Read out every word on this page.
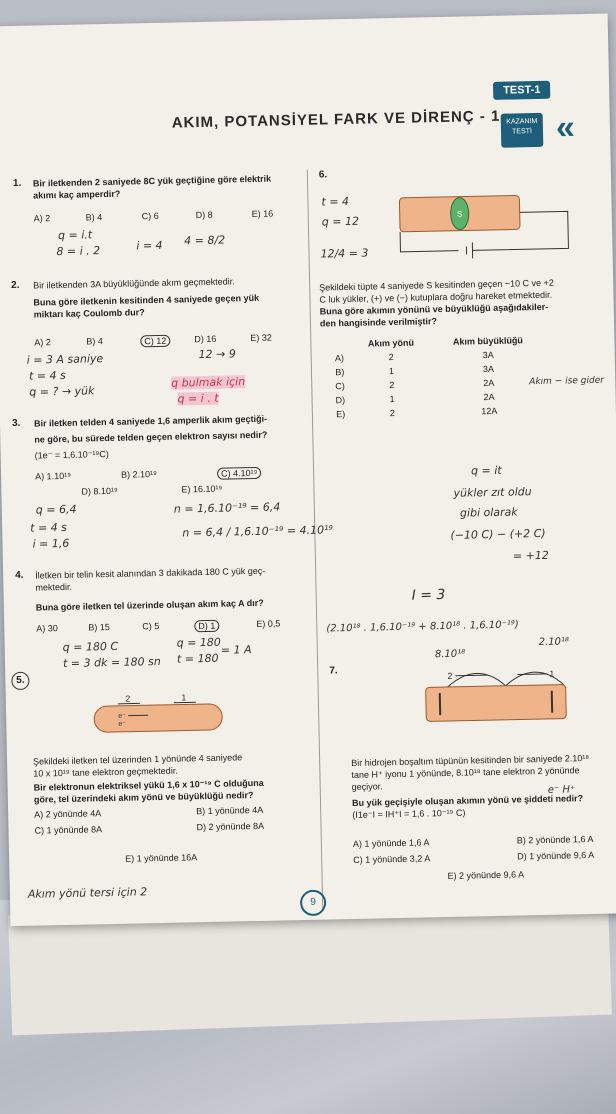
AKIM, POTANSİYEL FARK VE DİRENÇ - 1
TEST-1
KAZANIM TESTİ «
1. Bir iletkenden 2 saniyede 8C yük geçtiğine göre elektrik
akımı kaç amperdir?
A) 2	B) 4	C) 6	D) 8	E) 16
q = i.t
8 = i . 2	i = 4 4 = 8/2
2. Bir iletkenden 3A büyüklüğünde akım geçmektedir.
Buna göre iletkenin kesitinden 4 saniyede geçen yük
miktarı kaç Coulomb dur?
A) 2	B) 4	C) 12	D) 16	E) 32
i = 3 A saniye
t = 4 s
q = ? → yük
12 → 9
q bulmak için
q = i . t
3. Bir iletken telden 4 saniyede 1,6 amperlik akım geçtiği-
ne göre, bu sürede telden geçen elektron sayısı nedir?
(1e⁻ = 1,6.10⁻¹⁹C)
A) 1.10¹⁹	B) 2.10¹⁹	C) 4.10¹⁹
D) 8.10¹⁹	E) 16.10¹⁹
q = 6,4
t = 4 s
i = 1,6
n = 1,6.10⁻¹⁹ = 6,4
n = 6,4 / 1,6.10⁻¹⁹ = 4.10¹⁹
4. İletken bir telin kesit alanından 3 dakikada 180 C yük geç-
mektedir.
Buna göre iletken tel üzerinde oluşan akım kaç A dır?
A) 30	B) 15	C) 5	D) 1	E) 0,5
q = 180 C
t = 3 dk = 180 sn
q = 180
t = 180
= 1 A
5.
2	1
e⁻
e⁻
Şekildeki iletken tel üzerinden 1 yönünde 4 saniyede
10 x 10¹⁹ tane elektron geçmektedir.
Bir elektronun elektriksel yükü 1,6 x 10⁻¹⁹ C olduğuna
göre, tel üzerindeki akım yönü ve büyüklüğü nedir?
A) 2 yönünde 4A	B) 1 yönünde 4A
C) 1 yönünde 8A	D) 2 yönünde 8A
E) 1 yönünde 16A
Akım yönü tersi için 2
6.
S
t = 4
q = 12
12/4 = 3
Şekildeki tüpte 4 saniyede S kesitinden geçen −10 C ve +2
C luk yükler, (+) ve (−) kutuplara doğru hareket etmektedir.
Buna göre akımın yönünü ve büyüklüğü aşağıdakiler-
den hangisinde verilmiştir?
	Akım yönü	Akım büyüklüğü
A)	2	3A
B)	1	3A
C)	2	2A
D)	1	2A
E)	2	12A
q = it
yükler zıt oldu
gibi olarak
(−10 C) − (+2 C)
= +12
I = 3
Akım − ise gider
(2.10¹⁸ . 1,6.10⁻¹⁹ + 8.10¹⁸ . 1,6.10⁻¹⁹)
2.10¹⁸
8.10¹⁸
7.	2	1
Bir hidrojen boşaltım tüpünün kesitinden bir saniyede 2.10¹⁸
tane H⁺ iyonu 1 yönünde, 8.10¹⁸ tane elektron 2 yönünde
geçiyor.
Bu yük geçişiyle oluşan akımın yönü ve şiddeti nedir?
(I1e⁻I = IH⁺I = 1,6 . 10⁻¹⁹ C)
e⁻ H⁺
A) 1 yönünde 1,6 A	B) 2 yönünde 1,6 A
C) 1 yönünde 3,2 A	D) 1 yönünde 9,6 A
E) 2 yönünde 9,6 A
9
